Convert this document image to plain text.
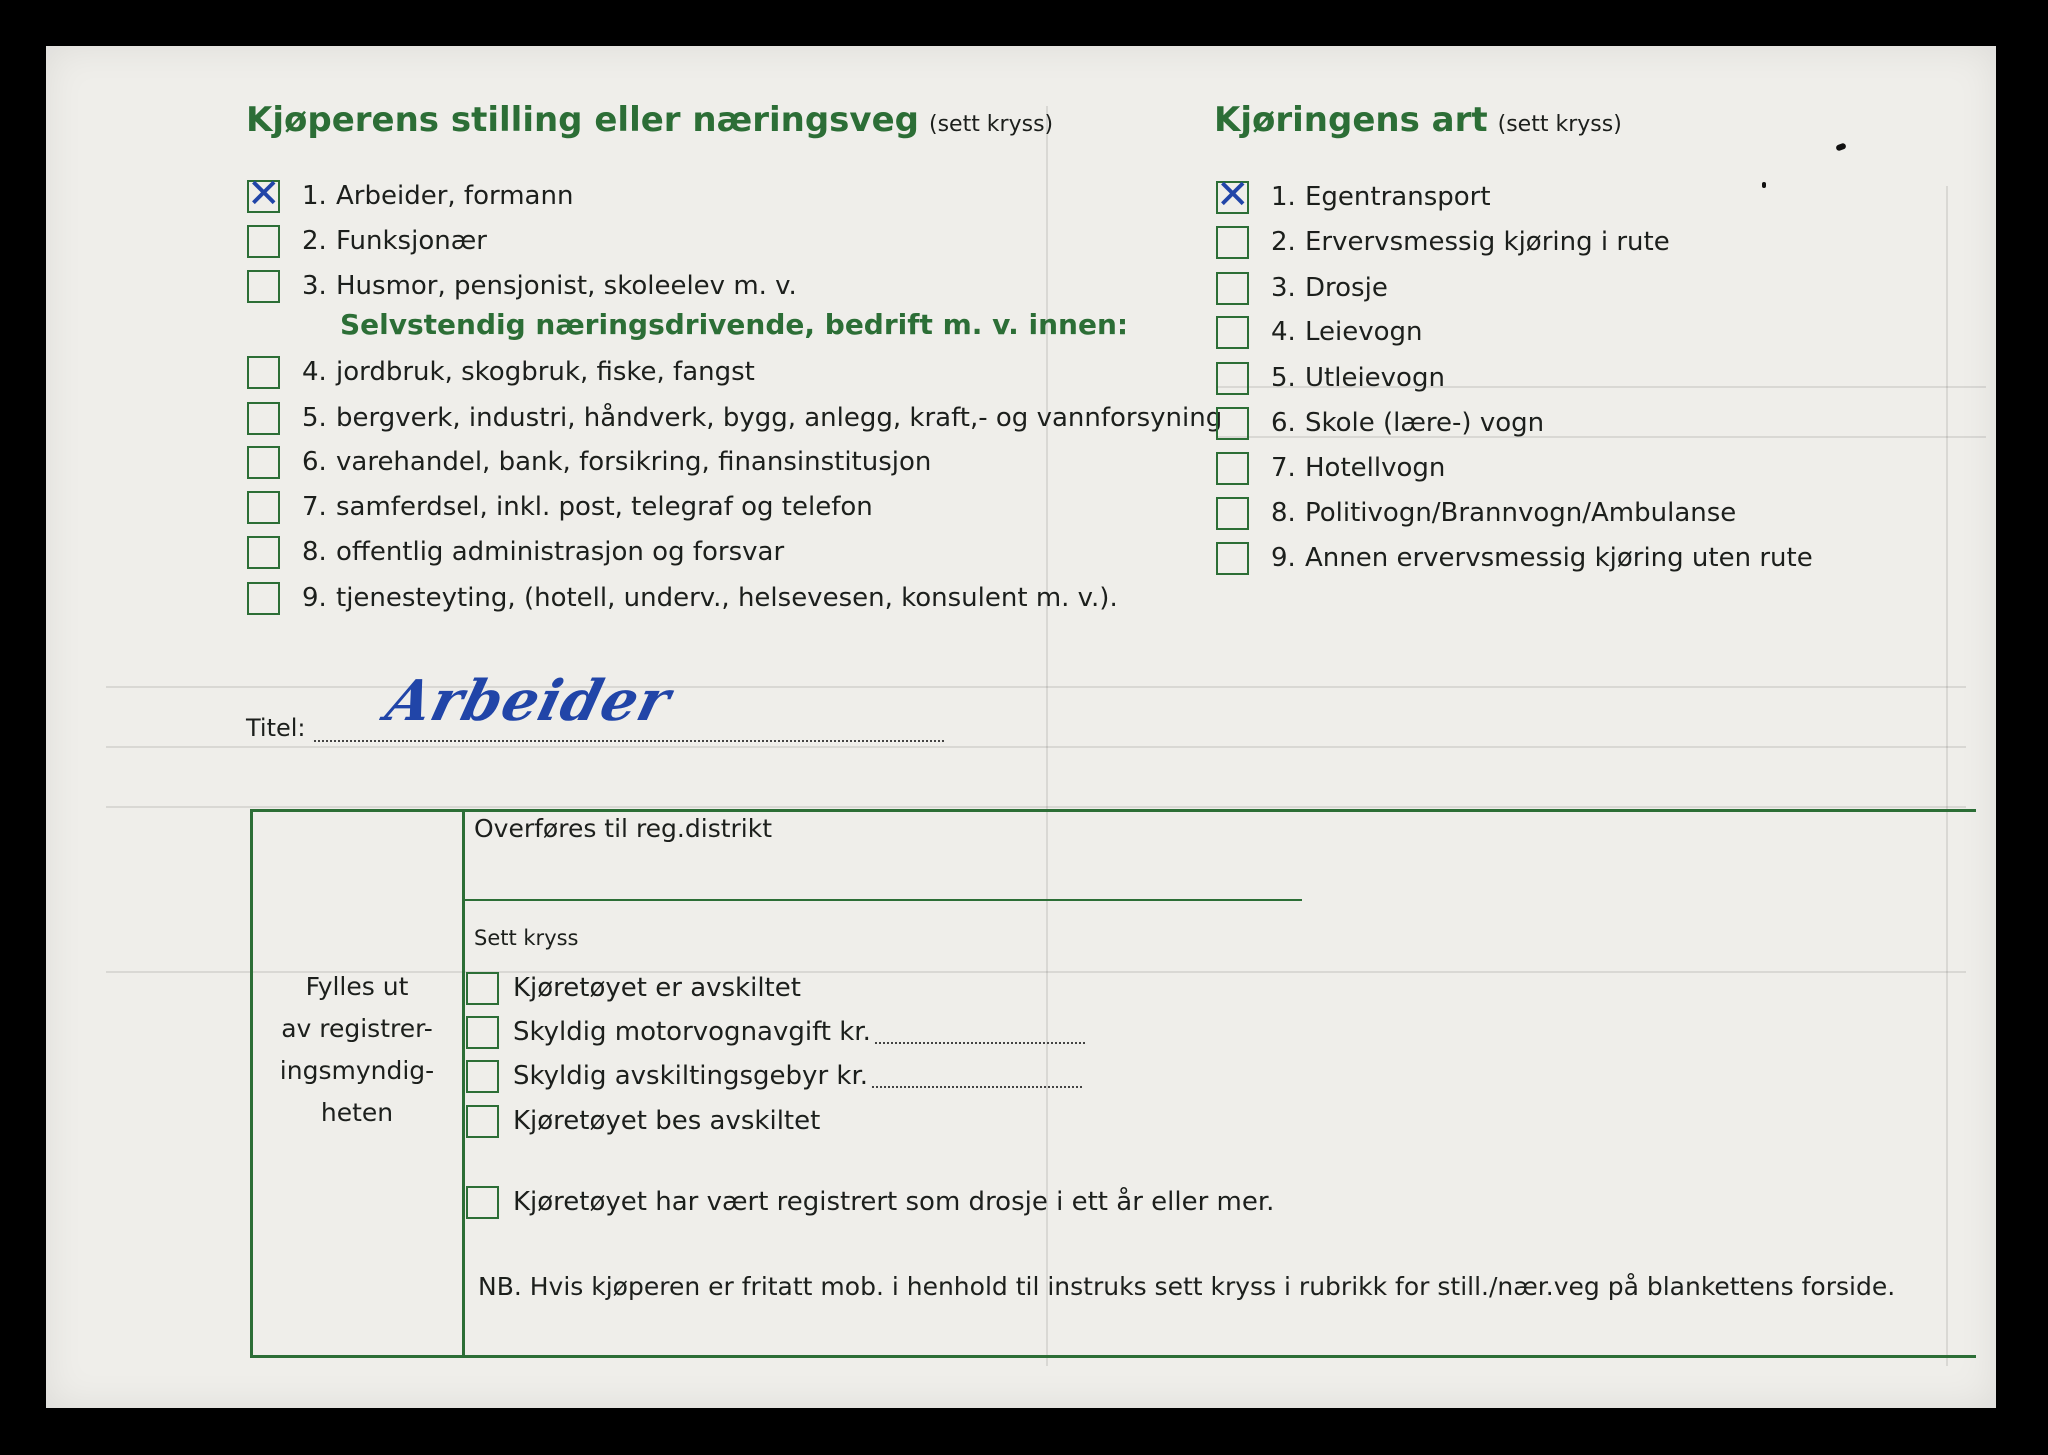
Kjøperens stilling eller næringsveg (sett kryss)
✕ 1. Arbeider, formann
2. Funksjonær
3. Husmor, pensjonist, skoleelev m. v.
Selvstendig næringsdrivende, bedrift m. v. innen:
4. jordbruk, skogbruk, fiske, fangst
5. bergverk, industri, håndverk, bygg, anlegg, kraft,- og vannforsyning
6. varehandel, bank, forsikring, finansinstitusjon
7. samferdsel, inkl. post, telegraf og telefon
8. offentlig administrasjon og forsvar
9. tjenesteyting, (hotell, underv., helsevesen, konsulent m. v.).
Kjøringens art (sett kryss)
✕ 1. Egentransport
2. Ervervsmessig kjøring i rute
3. Drosje
4. Leievogn
5. Utleievogn
6. Skole (lære-) vogn
7. Hotellvogn
8. Politivogn/Brannvogn/Ambulanse
9. Annen ervervsmessig kjøring uten rute
Titel: Arbeider
Fylles ut
av registrer-
ingsmyndig-
heten
Overføres til reg.distrikt
Sett kryss
Kjøretøyet er avskiltet
Skyldig motorvognavgift kr.
Skyldig avskiltingsgebyr kr.
Kjøretøyet bes avskiltet
Kjøretøyet har vært registrert som drosje i ett år eller mer.
NB. Hvis kjøperen er fritatt mob. i henhold til instruks sett kryss i rubrikk for still./nær.veg på blankettens forside.
